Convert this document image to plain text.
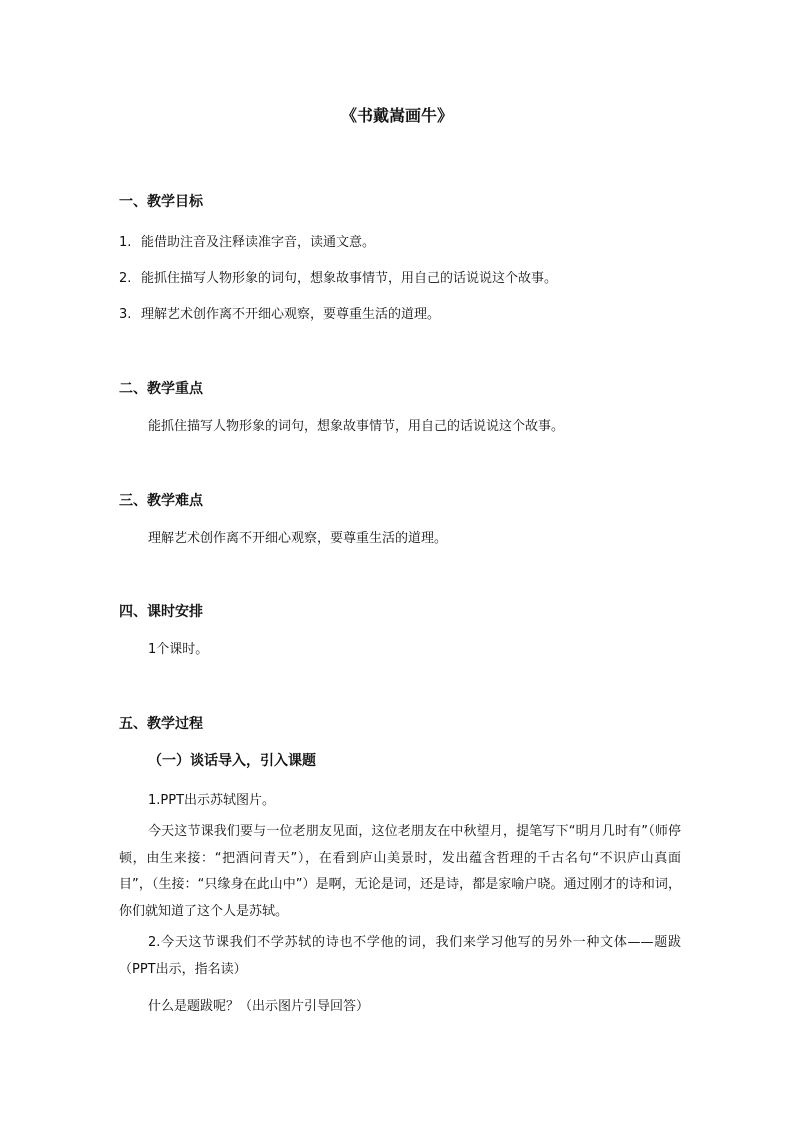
《书戴嵩画牛》
一、教学目标
1. 能借助注音及注释读准字音，读通文意。
2. 能抓住描写人物形象的词句，想象故事情节，用自己的话说说这个故事。
3. 理解艺术创作离不开细心观察，要尊重生活的道理。
二、教学重点
能抓住描写人物形象的词句，想象故事情节，用自己的话说说这个故事。
三、教学难点
理解艺术创作离不开细心观察，要尊重生活的道理。
四、课时安排
1个课时。
五、教学过程
（一）谈话导入，引入课题
1.PPT出示苏轼图片。
今天这节课我们要与一位老朋友见面，这位老朋友在中秋望月，提笔写下“明月几时有”（师停顿，由生来接：“把酒问青天”），在看到庐山美景时，发出蕴含哲理的千古名句“不识庐山真面目”，（生接：“只缘身在此山中”）是啊，无论是词，还是诗，都是家喻户晓。通过刚才的诗和词，你们就知道了这个人是苏轼。
2.今天这节课我们不学苏轼的诗也不学他的词，我们来学习他写的另外一种文体——题跋（PPT出示，指名读）
什么是题跋呢？（出示图片引导回答）
